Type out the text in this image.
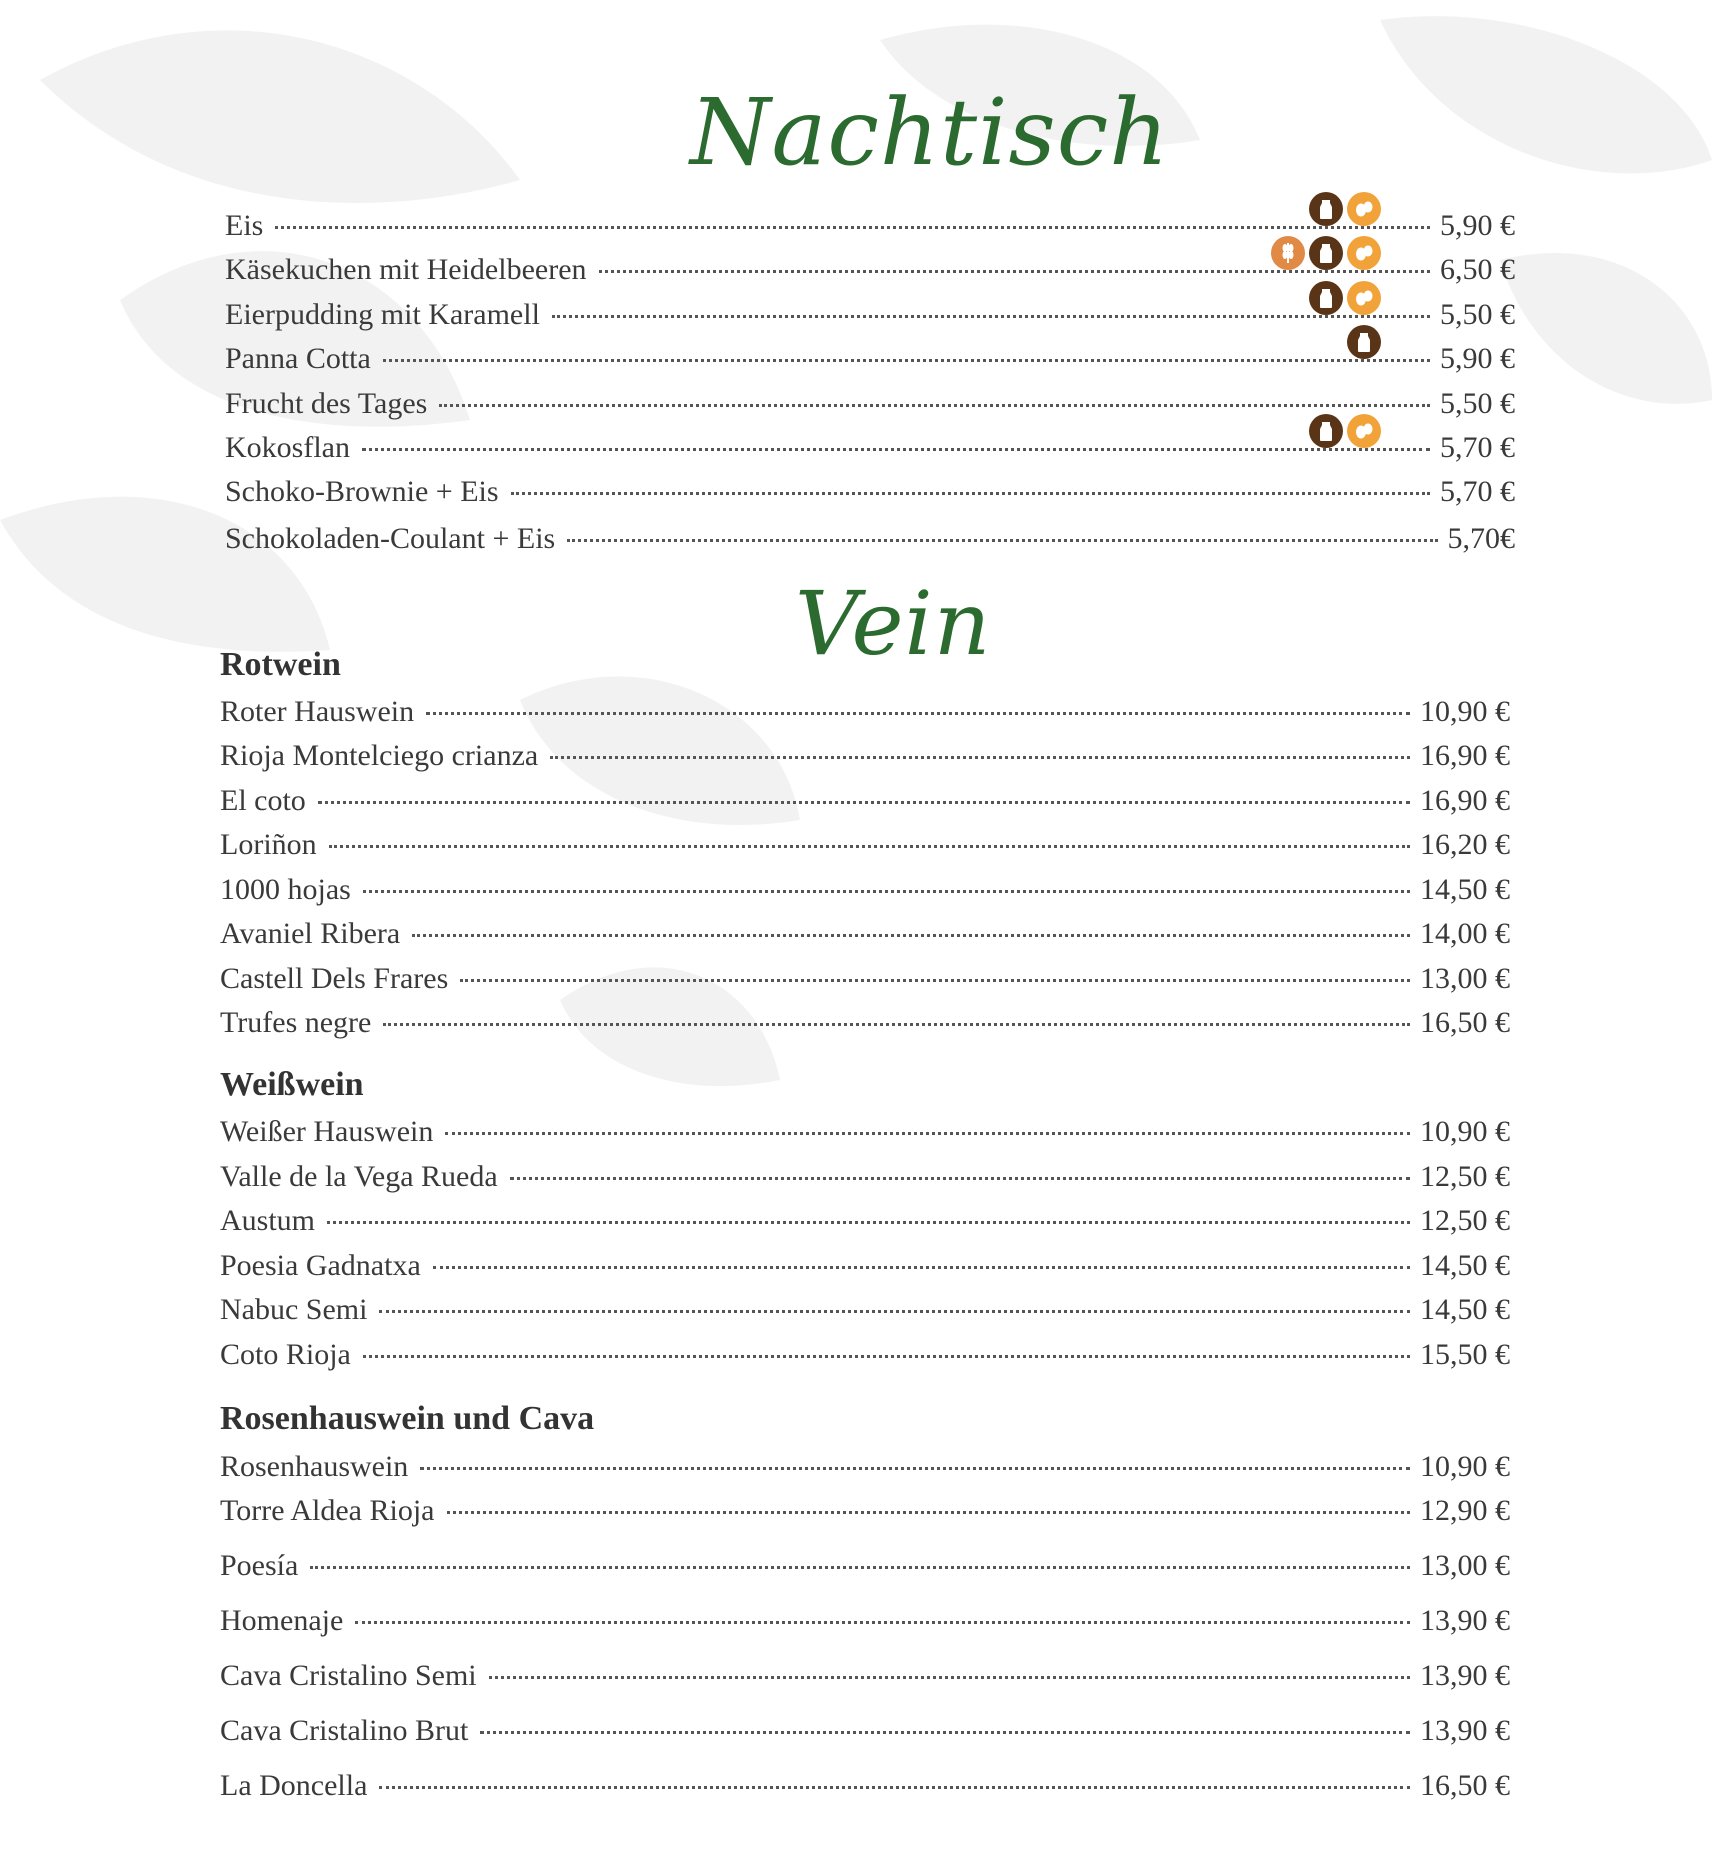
Nachtisch
Eis	5,90 €
Käsekuchen mit Heidelbeeren	6,50 €
Eierpudding mit Karamell	5,50 €
Panna Cotta	5,90 €
Frucht des Tages	5,50 €
Kokosflan	5,70 €
Schoko-Brownie + Eis	5,70 €
Schokoladen-Coulant + Eis	5,70€
Vein
Rotwein
Roter Hauswein	10,90 €
Rioja Montelciego crianza	16,90 €
El coto	16,90 €
Loriñon	16,20 €
1000 hojas	14,50 €
Avaniel Ribera	14,00 €
Castell Dels Frares	13,00 €
Trufes negre	16,50 €
Weißwein
Weißer Hauswein	10,90 €
Valle de la Vega Rueda	12,50 €
Austum	12,50 €
Poesia Gadnatxa	14,50 €
Nabuc Semi	14,50 €
Coto Rioja	15,50 €
Rosenhauswein und Cava
Rosenhauswein	10,90 €
Torre Aldea Rioja	12,90 €
Poesía	13,00 €
Homenaje	13,90 €
Cava Cristalino Semi	13,90 €
Cava Cristalino Brut	13,90 €
La Doncella	16,50 €
